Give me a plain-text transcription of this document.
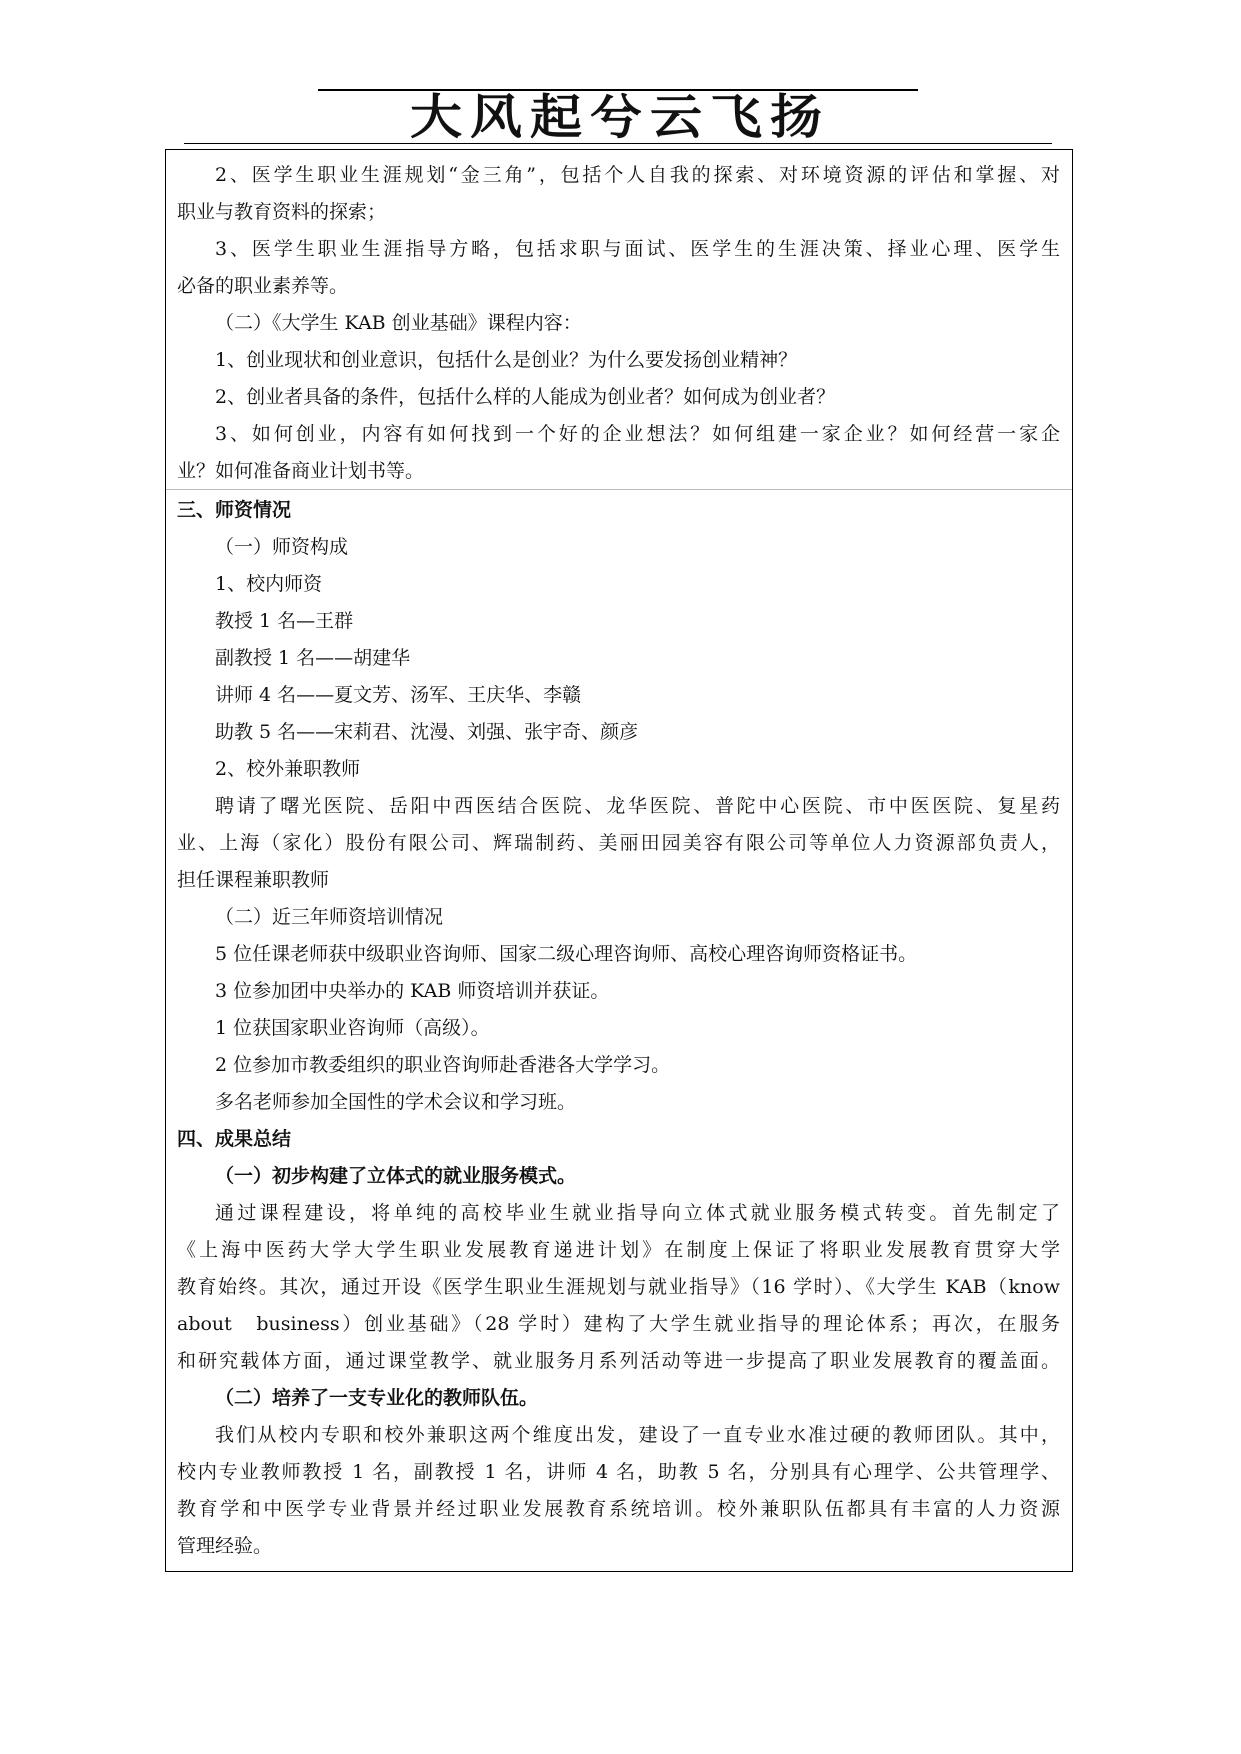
大风起兮云飞扬
2、医学生职业生涯规划“金三角”，包括个人自我的探索、对环境资源的评估和掌握、对
职业与教育资料的探索；
3、医学生职业生涯指导方略，包括求职与面试、医学生的生涯决策、择业心理、医学生
必备的职业素养等。
（二）《大学生 KAB 创业基础》课程内容：
1、创业现状和创业意识，包括什么是创业？为什么要发扬创业精神？
2、创业者具备的条件，包括什么样的人能成为创业者？如何成为创业者？
3、如何创业，内容有如何找到一个好的企业想法？如何组建一家企业？如何经营一家企
业？如何准备商业计划书等。
三、师资情况
（一）师资构成
1、校内师资
教授 1 名—王群
副教授 1 名——胡建华
讲师 4 名——夏文芳、汤军、王庆华、李赣
助教 5 名——宋莉君、沈漫、刘强、张宇奇、颜彦
2、校外兼职教师
聘请了曙光医院、岳阳中西医结合医院、龙华医院、普陀中心医院、市中医医院、复星药
业、上海（家化）股份有限公司、辉瑞制药、美丽田园美容有限公司等单位人力资源部负责人，
担任课程兼职教师
（二）近三年师资培训情况
5 位任课老师获中级职业咨询师、国家二级心理咨询师、高校心理咨询师资格证书。
3 位参加团中央举办的 KAB 师资培训并获证。
1 位获国家职业咨询师（高级）。
2 位参加市教委组织的职业咨询师赴香港各大学学习。
多名老师参加全国性的学术会议和学习班。
四、成果总结
（一）初步构建了立体式的就业服务模式。
通过课程建设，将单纯的高校毕业生就业指导向立体式就业服务模式转变。首先制定了
《上海中医药大学大学生职业发展教育递进计划》在制度上保证了将职业发展教育贯穿大学
教育始终。其次，通过开设《医学生职业生涯规划与就业指导》（16 学时）、《大学生 KAB（know
about　business）创业基础》（28 学时）建构了大学生就业指导的理论体系；再次，在服务
和研究载体方面，通过课堂教学、就业服务月系列活动等进一步提高了职业发展教育的覆盖面。
（二）培养了一支专业化的教师队伍。
我们从校内专职和校外兼职这两个维度出发，建设了一直专业水准过硬的教师团队。其中，
校内专业教师教授 1 名，副教授 1 名，讲师 4 名，助教 5 名，分别具有心理学、公共管理学、
教育学和中医学专业背景并经过职业发展教育系统培训。校外兼职队伍都具有丰富的人力资源
管理经验。
